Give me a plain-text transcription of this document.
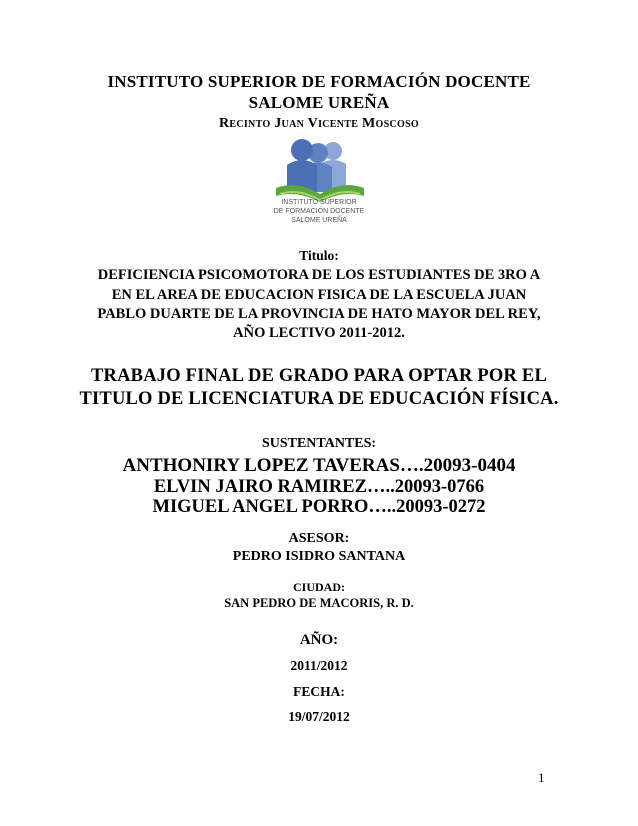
INSTITUTO SUPERIOR DE FORMACIÓN DOCENTE
SALOME UREÑA
Recinto Juan Vicente Moscoso
INSTITUTO SUPERIOR
DE FORMACIÓN DOCENTE
SALOME UREÑA
Titulo:
DEFICIENCIA PSICOMOTORA DE LOS ESTUDIANTES DE 3RO A
EN EL AREA DE EDUCACION FISICA DE LA ESCUELA JUAN
PABLO DUARTE DE LA PROVINCIA DE HATO MAYOR DEL REY,
AÑO LECTIVO 2011-2012.
TRABAJO FINAL DE GRADO PARA OPTAR POR EL
TITULO DE LICENCIATURA DE EDUCACIÓN FÍSICA.
SUSTENTANTES:
ANTHONIRY LOPEZ TAVERAS….20093-0404
ELVIN JAIRO RAMIREZ…..20093-0766
MIGUEL ANGEL PORRO…..20093-0272
ASESOR:
PEDRO ISIDRO SANTANA
CIUDAD:
SAN PEDRO DE MACORIS, R. D.
AÑO:
2011/2012
FECHA:
19/07/2012
1
